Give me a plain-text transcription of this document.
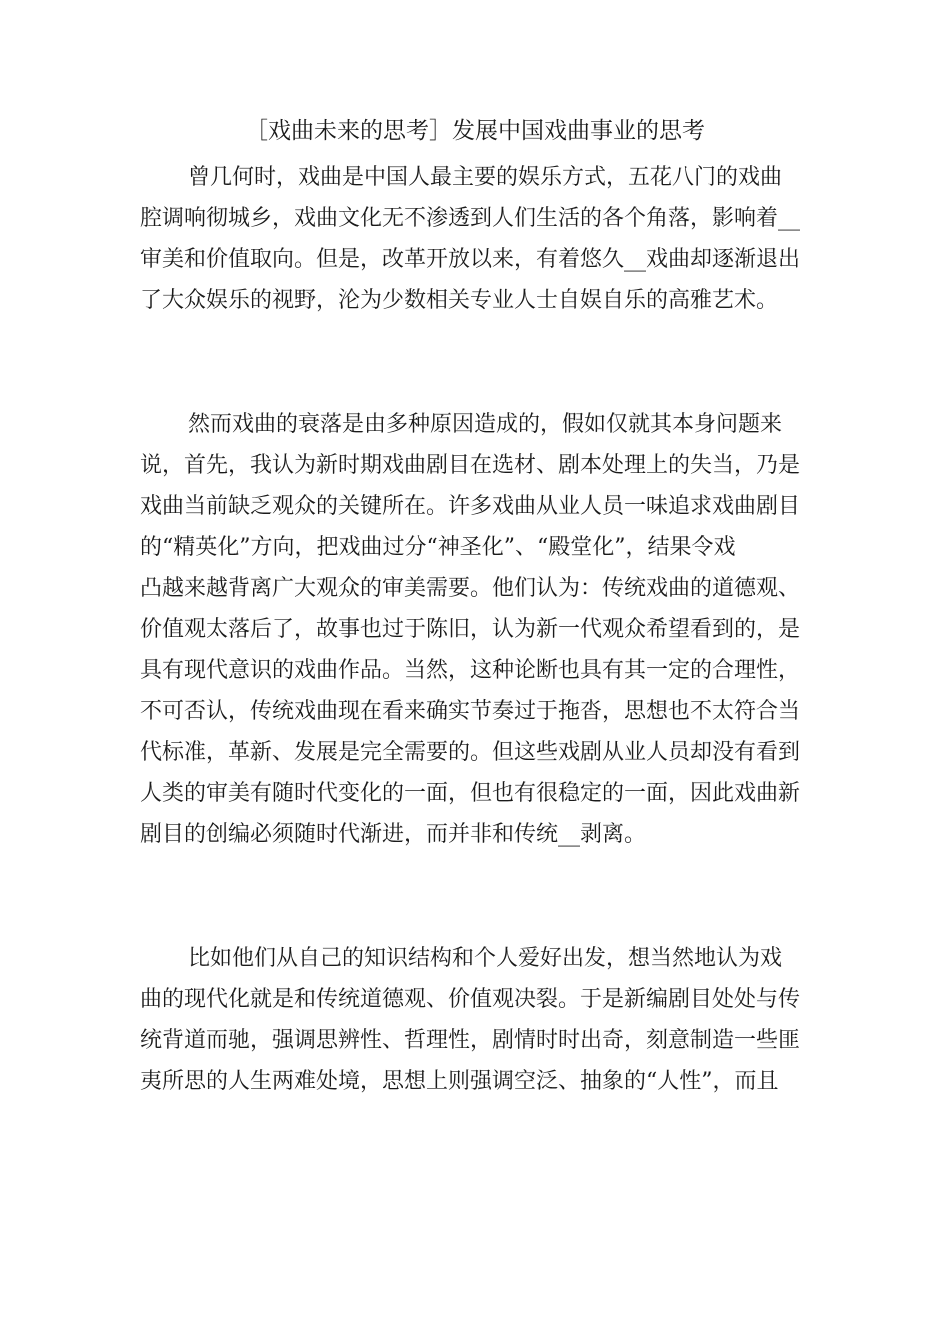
［戏曲未来的思考］发展中国戏曲事业的思考

曾几何时，戏曲是中国人最主要的娱乐方式，五花八门的戏曲
腔调响彻城乡，戏曲文化无不渗透到人们生活的各个角落，影响着__
审美和价值取向。但是，改革开放以来，有着悠久__戏曲却逐渐退出
了大众娱乐的视野，沦为少数相关专业人士自娱自乐的高雅艺术。

然而戏曲的衰落是由多种原因造成的，假如仅就其本身问题来
说，首先，我认为新时期戏曲剧目在选材、剧本处理上的失当，乃是
戏曲当前缺乏观众的关键所在。许多戏曲从业人员一味追求戏曲剧目
的“精英化”方向，把戏曲过分“神圣化”、“殿堂化”，结果令戏
凸越来越背离广大观众的审美需要。他们认为：传统戏曲的道德观、
价值观太落后了，故事也过于陈旧，认为新一代观众希望看到的，是
具有现代意识的戏曲作品。当然，这种论断也具有其一定的合理性，
不可否认，传统戏曲现在看来确实节奏过于拖沓，思想也不太符合当
代标准，革新、发展是完全需要的。但这些戏剧从业人员却没有看到
人类的审美有随时代变化的一面，但也有很稳定的一面，因此戏曲新
剧目的创编必须随时代渐进，而并非和传统__剥离。

比如他们从自己的知识结构和个人爱好出发，想当然地认为戏
曲的现代化就是和传统道德观、价值观决裂。于是新编剧目处处与传
统背道而驰，强调思辨性、哲理性，剧情时时出奇，刻意制造一些匪
夷所思的人生两难处境，思想上则强调空泛、抽象的“人性”，而且
